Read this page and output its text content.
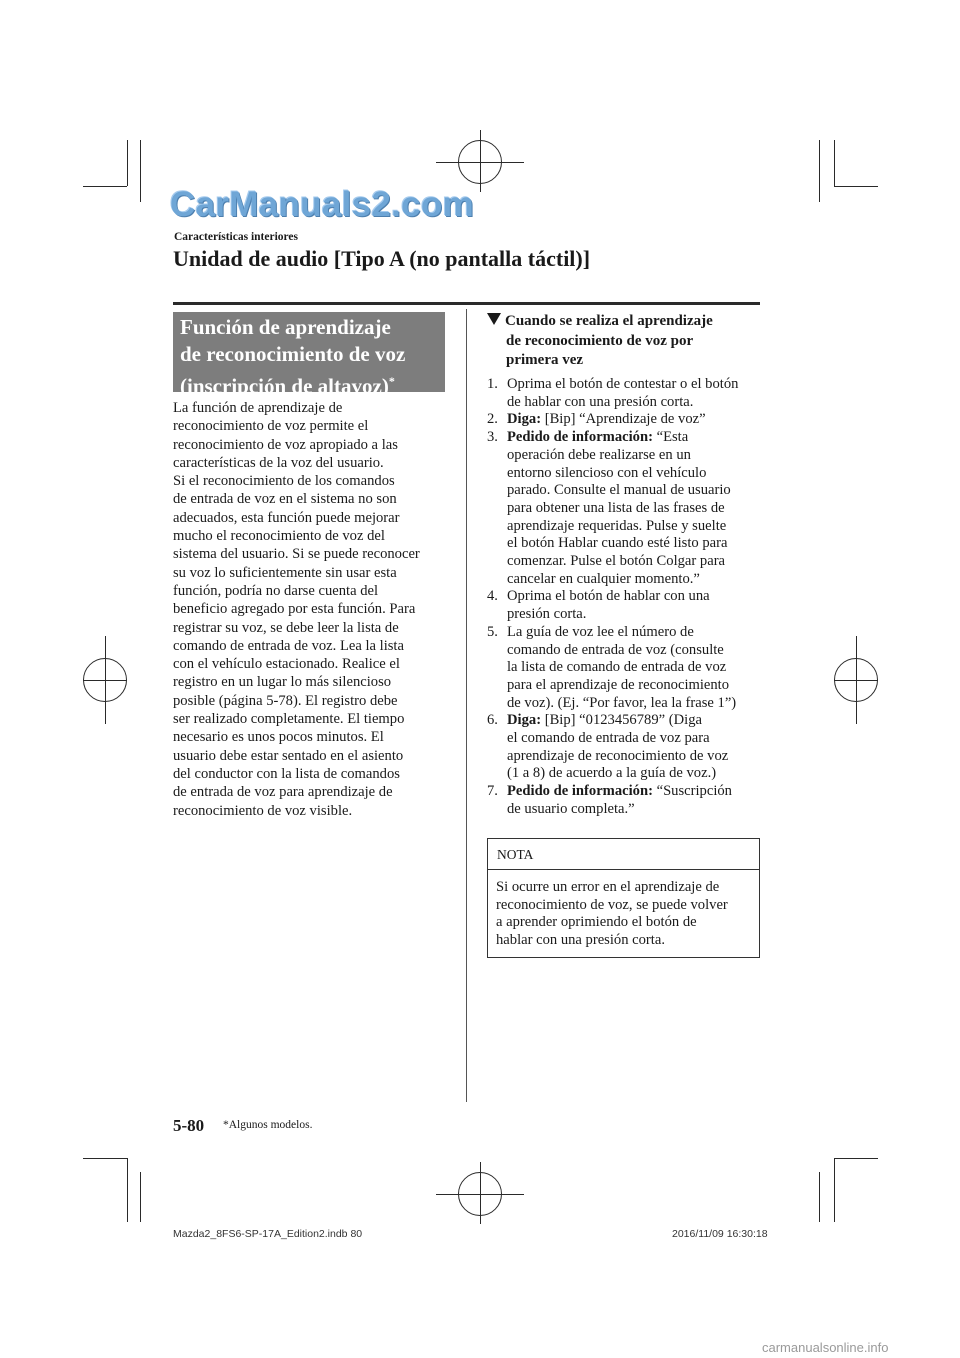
CarManuals2.com
Características interiores
Unidad de audio [Tipo A (no pantalla táctil)]
Función de aprendizaje
de reconocimiento de voz
(inscripción de altavoz)*

La función de aprendizaje de
reconocimiento de voz permite el
reconocimiento de voz apropiado a las
características de la voz del usuario.

Si el reconocimiento de los comandos
de entrada de voz en el sistema no son
adecuados, esta función puede mejorar
mucho el reconocimiento de voz del
sistema del usuario. Si se puede reconocer
su voz lo suficientemente sin usar esta
función, podría no darse cuenta del
beneficio agregado por esta función. Para
registrar su voz, se debe leer la lista de
comando de entrada de voz. Lea la lista
con el vehículo estacionado. Realice el
registro en un lugar lo más silencioso
posible (página 5-78). El registro debe
ser realizado completamente. El tiempo
necesario es unos pocos minutos. El
usuario debe estar sentado en el asiento
del conductor con la lista de comandos
de entrada de voz para aprendizaje de
reconocimiento de voz visible.

Cuando se realiza el aprendizaje
de reconocimiento de voz por
primera vez
1. Oprima el botón de contestar o el botón
de hablar con una presión corta.
2. Diga: [Bip] “Aprendizaje de voz”
3. Pedido de información: “Esta
operación debe realizarse en un
entorno silencioso con el vehículo
parado. Consulte el manual de usuario
para obtener una lista de las frases de
aprendizaje requeridas. Pulse y suelte
el botón Hablar cuando esté listo para
comenzar. Pulse el botón Colgar para
cancelar en cualquier momento.”
4. Oprima el botón de hablar con una
presión corta.
5. La guía de voz lee el número de
comando de entrada de voz (consulte
la lista de comando de entrada de voz
para el aprendizaje de reconocimiento
de voz). (Ej. “Por favor, lea la frase 1”)
6. Diga: [Bip] “0123456789” (Diga
el comando de entrada de voz para
aprendizaje de reconocimiento de voz
(1 a 8) de acuerdo a la guía de voz.)
7. Pedido de información: “Suscripción
de usuario completa.”
NOTA
Si ocurre un error en el aprendizaje de
reconocimiento de voz, se puede volver
a aprender oprimiendo el botón de
hablar con una presión corta.
5-80 *Algunos modelos.
Mazda2_8FS6-SP-17A_Edition2.indb 80	2016/11/09 16:30:18
carmanualsonline.info
